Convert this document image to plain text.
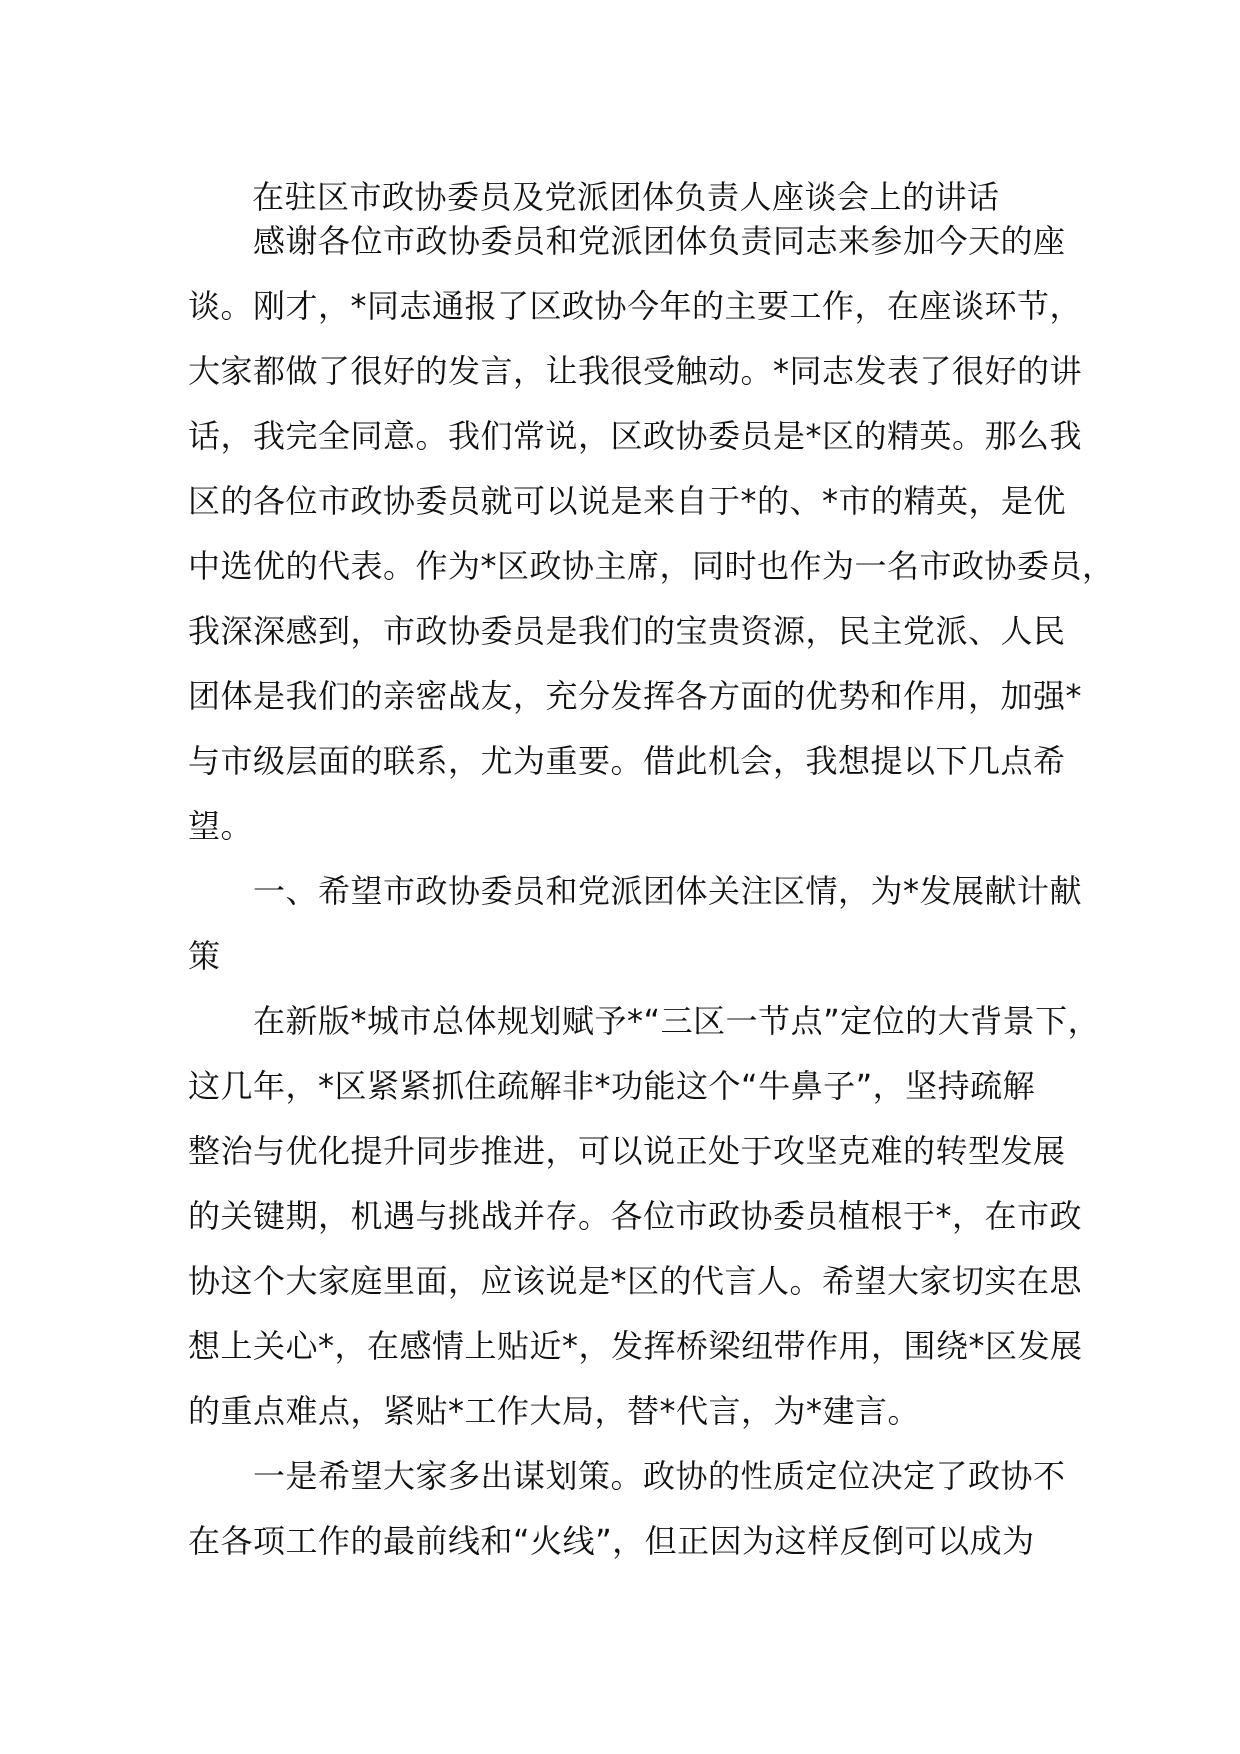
在驻区市政协委员及党派团体负责人座谈会上的讲话
　　感谢各位市政协委员和党派团体负责同志来参加今天的座
谈。刚才，*同志通报了区政协今年的主要工作，在座谈环节，
大家都做了很好的发言，让我很受触动。*同志发表了很好的讲
话，我完全同意。我们常说，区政协委员是*区的精英。那么我
区的各位市政协委员就可以说是来自于*的、*市的精英，是优
中选优的代表。作为*区政协主席，同时也作为一名市政协委员，
我深深感到，市政协委员是我们的宝贵资源，民主党派、人民
团体是我们的亲密战友，充分发挥各方面的优势和作用，加强*
与市级层面的联系，尤为重要。借此机会，我想提以下几点希
望。
　　一、希望市政协委员和党派团体关注区情，为*发展献计献
策
　　在新版*城市总体规划赋予*“三区一节点”定位的大背景下，
这几年，*区紧紧抓住疏解非*功能这个“牛鼻子”，坚持疏解
整治与优化提升同步推进，可以说正处于攻坚克难的转型发展
的关键期，机遇与挑战并存。各位市政协委员植根于*，在市政
协这个大家庭里面，应该说是*区的代言人。希望大家切实在思
想上关心*，在感情上贴近*，发挥桥梁纽带作用，围绕*区发展
的重点难点，紧贴*工作大局，替*代言，为*建言。
　　一是希望大家多出谋划策。政协的性质定位决定了政协不
在各项工作的最前线和“火线”，但正因为这样反倒可以成为
